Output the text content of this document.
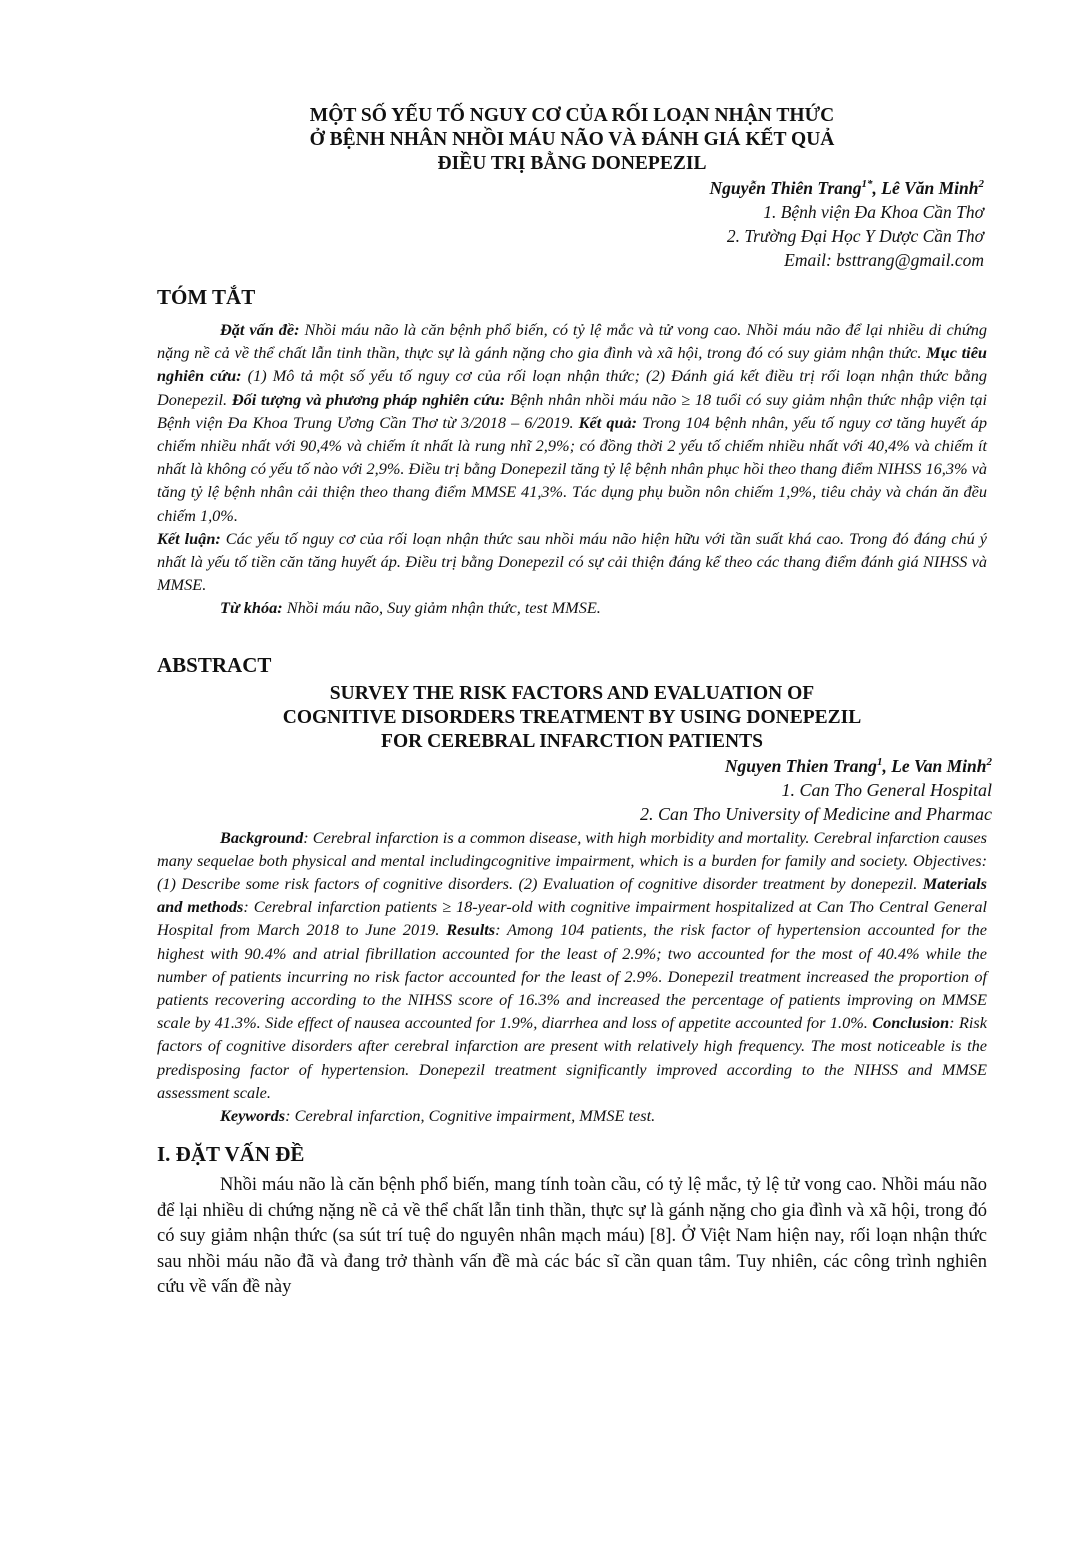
MỘT SỐ YẾU TỐ NGUY CƠ CỦA RỐI LOẠN NHẬN THỨC
Ở BỆNH NHÂN NHỒI MÁU NÃO VÀ ĐÁNH GIÁ KẾT QUẢ
ĐIỀU TRỊ BẰNG DONEPEZIL
Nguyễn Thiên Trang$^{1*}$, Lê Văn Minh$^2$
1. Bệnh viện Đa Khoa Cần Thơ
2. Trường Đại Học Y Dược Cần Thơ
Email: bsttrang@gmail.com
TÓM TẮT

Đặt vấn đề: Nhồi máu não là căn bệnh phổ biến, có tỷ lệ mắc và tử vong cao. Nhồi máu não để lại nhiều di chứng nặng nề cả về thể chất lẫn tinh thần, thực sự là gánh nặng cho gia đình và xã hội, trong đó có suy giảm nhận thức. Mục tiêu nghiên cứu: (1) Mô tả một số yếu tố nguy cơ của rối loạn nhận thức; (2) Đánh giá kết điều trị rối loạn nhận thức bằng Donepezil. Đối tượng và phương pháp nghiên cứu: Bệnh nhân nhồi máu não ≥ 18 tuổi có suy giảm nhận thức nhập viện tại Bệnh viện Đa Khoa Trung Ương Cần Thơ từ 3/2018 – 6/2019. Kết quả: Trong 104 bệnh nhân, yếu tố nguy cơ tăng huyết áp chiếm nhiều nhất với 90,4% và chiếm ít nhất là rung nhĩ 2,9%; có đồng thời 2 yếu tố chiếm nhiều nhất với 40,4% và chiếm ít nhất là không có yếu tố nào với 2,9%. Điều trị bằng Donepezil tăng tỷ lệ bệnh nhân phục hồi theo thang điểm NIHSS 16,3% và tăng tỷ lệ bệnh nhân cải thiện theo thang điểm MMSE 41,3%. Tác dụng phụ buồn nôn chiếm 1,9%, tiêu chảy và chán ăn đều chiếm 1,0%.
Kết luận: Các yếu tố nguy cơ của rối loạn nhận thức sau nhồi máu não hiện hữu với tần suất khá cao. Trong đó đáng chú ý nhất là yếu tố tiền căn tăng huyết áp. Điều trị bằng Donepezil có sự cải thiện đáng kể theo các thang điểm đánh giá NIHSS và MMSE.

Từ khóa: Nhồi máu não, Suy giảm nhận thức, test MMSE.

ABSTRACT
SURVEY THE RISK FACTORS AND EVALUATION OF
COGNITIVE DISORDERS TREATMENT BY USING DONEPEZIL
FOR CEREBRAL INFARCTION PATIENTS
Nguyen Thien Trang$^1$, Le Van Minh$^2$
1. Can Tho General Hospital
2. Can Tho University of Medicine and Pharmac

Background: Cerebral infarction is a common disease, with high morbidity and mortality. Cerebral infarction causes many sequelae both physical and mental includingcognitive impairment, which is a burden for family and society. Objectives: (1) Describe some risk factors of cognitive disorders. (2) Evaluation of cognitive disorder treatment by donepezil. Materials and methods: Cerebral infarction patients ≥ 18-year-old with cognitive impairment hospitalized at Can Tho Central General Hospital from March 2018 to June 2019. Results: Among 104 patients, the risk factor of hypertension accounted for the highest with 90.4% and atrial fibrillation accounted for the least of 2.9%; two accounted for the most of 40.4% while the number of patients incurring no risk factor accounted for the least of 2.9%. Donepezil treatment increased the proportion of patients recovering according to the NIHSS score of 16.3% and increased the percentage of patients improving on MMSE scale by 41.3%. Side effect of nausea accounted for 1.9%, diarrhea and loss of appetite accounted for 1.0%. Conclusion: Risk factors of cognitive disorders after cerebral infarction are present with relatively high frequency. The most noticeable is the predisposing factor of hypertension. Donepezil treatment significantly improved according to the NIHSS and MMSE assessment scale.

Keywords: Cerebral infarction, Cognitive impairment, MMSE test.

I. ĐẶT VẤN ĐỀ

Nhồi máu não là căn bệnh phổ biến, mang tính toàn cầu, có tỷ lệ mắc, tỷ lệ tử vong cao. Nhồi máu não để lại nhiều di chứng nặng nề cả về thể chất lẫn tinh thần, thực sự là gánh nặng cho gia đình và xã hội, trong đó có suy giảm nhận thức (sa sút trí tuệ do nguyên nhân mạch máu) [8]. Ở Việt Nam hiện nay, rối loạn nhận thức sau nhồi máu não đã và đang trở thành vấn đề mà các bác sĩ cần quan tâm. Tuy nhiên, các công trình nghiên cứu về vấn đề này
